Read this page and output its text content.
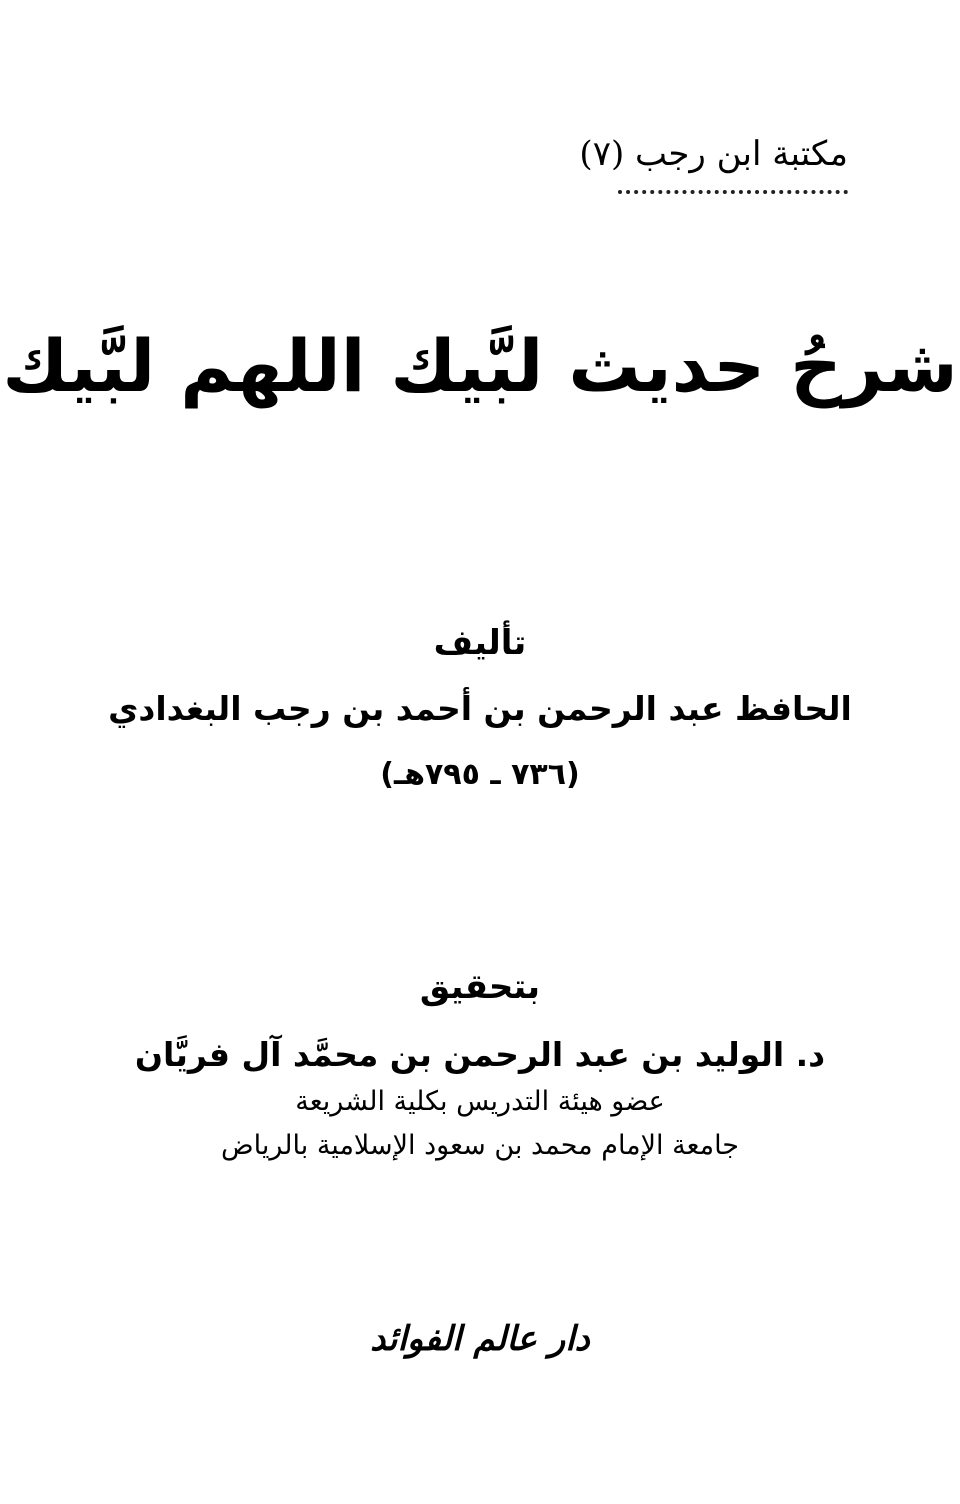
مكتبة ابن رجب (٧)
شرحُ حديث لبَّيك اللهم لبَّيك
تأليف
الحافظ عبد الرحمن بن أحمد بن رجب البغدادي
(٧٣٦ ـ ٧٩٥هـ)
بتحقيق
د. الوليد بن عبد الرحمن بن محمَّد آل فريَّان
عضو هيئة التدريس بكلية الشريعة
جامعة الإمام محمد بن سعود الإسلامية بالرياض
دار عالم الفوائد
